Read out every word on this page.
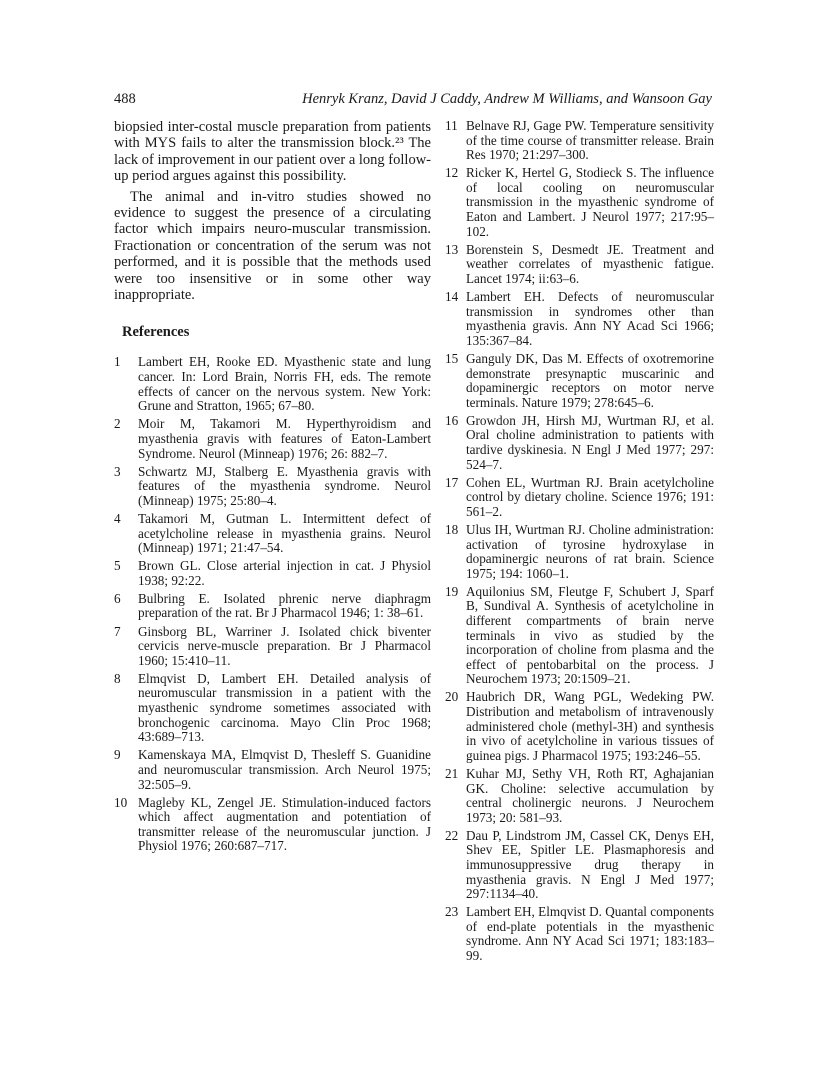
488	Henryk Kranz, David J Caddy, Andrew M Williams, and Wansoon Gay

biopsied inter-costal muscle preparation from patients with MYS fails to alter the transmission block.²³ The lack of improvement in our patient over a long follow-up period argues against this possibility.

The animal and in-vitro studies showed no evidence to suggest the presence of a circulating factor which impairs neuro-muscular transmission. Fractionation or concentration of the serum was not performed, and it is possible that the methods used were too insensitive or in some other way inappropriate.

References
1	Lambert EH, Rooke ED. Myasthenic state and lung cancer. In: Lord Brain, Norris FH, eds. The remote effects of cancer on the nervous system. New York: Grune and Stratton, 1965; 67–80.
2	Moir M, Takamori M. Hyperthyroidism and myasthenia gravis with features of Eaton-Lambert Syndrome. Neurol (Minneap) 1976; 26: 882–7.
3	Schwartz MJ, Stalberg E. Myasthenia gravis with features of the myasthenia syndrome. Neurol (Minneap) 1975; 25:80–4.
4	Takamori M, Gutman L. Intermittent defect of acetylcholine release in myasthenia grains. Neurol (Minneap) 1971; 21:47–54.
5	Brown GL. Close arterial injection in cat. J Physiol 1938; 92:22.
6	Bulbring E. Isolated phrenic nerve diaphragm preparation of the rat. Br J Pharmacol 1946; 1: 38–61.
7	Ginsborg BL, Warriner J. Isolated chick biventer cervicis nerve-muscle preparation. Br J Pharmacol 1960; 15:410–11.
8	Elmqvist D, Lambert EH. Detailed analysis of neuromuscular transmission in a patient with the myasthenic syndrome sometimes associated with bronchogenic carcinoma. Mayo Clin Proc 1968; 43:689–713.
9	Kamenskaya MA, Elmqvist D, Thesleff S. Guanidine and neuromuscular transmission. Arch Neurol 1975; 32:505–9.
10 Magleby KL, Zengel JE. Stimulation-induced factors which affect augmentation and potentiation of transmitter release of the neuromuscular junction. J Physiol 1976; 260:687–717.
11 Belnave RJ, Gage PW. Temperature sensitivity of the time course of transmitter release. Brain Res 1970; 21:297–300.
12 Ricker K, Hertel G, Stodieck S. The influence of local cooling on neuromuscular transmission in the myasthenic syndrome of Eaton and Lambert. J Neurol 1977; 217:95–102.
13 Borenstein S, Desmedt JE. Treatment and weather correlates of myasthenic fatigue. Lancet 1974; ii:63–6.
14 Lambert EH. Defects of neuromuscular transmission in syndromes other than myasthenia gravis. Ann NY Acad Sci 1966; 135:367–84.
15 Ganguly DK, Das M. Effects of oxotremorine demonstrate presynaptic muscarinic and dopaminergic receptors on motor nerve terminals. Nature 1979; 278:645–6.
16 Growdon JH, Hirsh MJ, Wurtman RJ, et al. Oral choline administration to patients with tardive dyskinesia. N Engl J Med 1977; 297: 524–7.
17 Cohen EL, Wurtman RJ. Brain acetylcholine control by dietary choline. Science 1976; 191: 561–2.
18 Ulus IH, Wurtman RJ. Choline administration: activation of tyrosine hydroxylase in dopaminergic neurons of rat brain. Science 1975; 194: 1060–1.
19 Aquilonius SM, Fleutge F, Schubert J, Sparf B, Sundival A. Synthesis of acetylcholine in different compartments of brain nerve terminals in vivo as studied by the incorporation of choline from plasma and the effect of pentobarbital on the process. J Neurochem 1973; 20:1509–21.
20 Haubrich DR, Wang PGL, Wedeking PW. Distribution and metabolism of intravenously administered chole (methyl-3H) and synthesis in vivo of acetylcholine in various tissues of guinea pigs. J Pharmacol 1975; 193:246–55.
21 Kuhar MJ, Sethy VH, Roth RT, Aghajanian GK. Choline: selective accumulation by central cholinergic neurons. J Neurochem 1973; 20: 581–93.
22 Dau P, Lindstrom JM, Cassel CK, Denys EH, Shev EE, Spitler LE. Plasmaphoresis and immunosuppressive drug therapy in myasthenia gravis. N Engl J Med 1977; 297:1134–40.
23 Lambert EH, Elmqvist D. Quantal components of end-plate potentials in the myasthenic syndrome. Ann NY Acad Sci 1971; 183:183–99.
